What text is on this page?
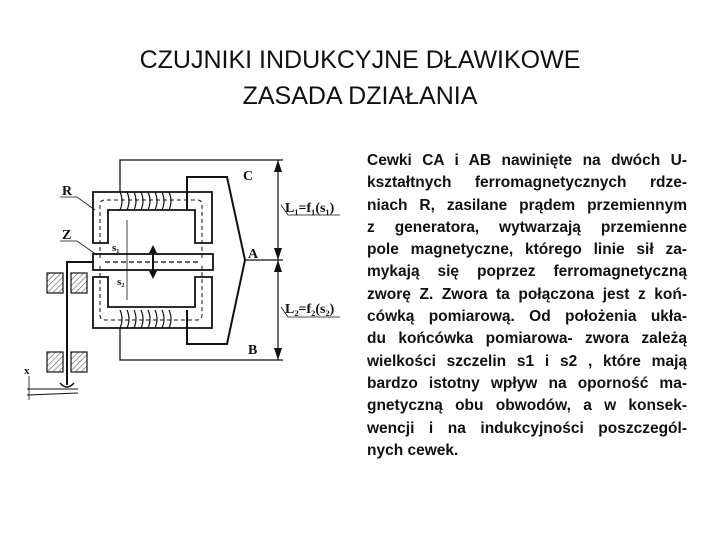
CZUJNIKI INDUKCYJNE DŁAWIKOWE
ZASADA DZIAŁANIA
R
Z
C
A
B
L₁=f₁(s₁)
L₂=f₂(s₂)
s₁
s₂
x
Cewki CA i AB nawinięte na dwóch U-
kształtnych ferromagnetycznych rdze-
niach R, zasilane prądem przemiennym
z generatora, wytwarzają przemienne
pole magnetyczne, którego linie sił za-
mykają się poprzez ferromagnetyczną
zworę Z. Zwora ta połączona jest z koń-
cówką pomiarową. Od położenia ukła-
du końcówka pomiarowa- zwora zależą
wielkości szczelin s1 i s2 , które mają
bardzo istotny wpływ na oporność ma-
gnetyczną obu obwodów, a w konsek-
wencji i na indukcyjności poszczegól-
nych cewek.
